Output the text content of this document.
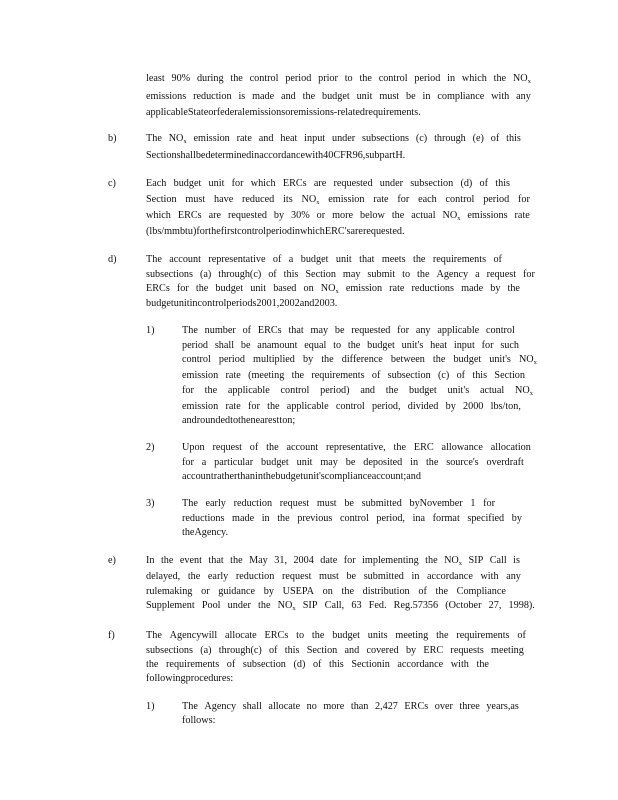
least 90% during the control period prior to the control period in which the $NO_x$
emissions reduction is made and the budget unit must be in compliance with any
applicable State or federal emissions or emissions -related requirements.
b)	The $NO_x$ emission rate and heat input under subsections (c) through (e) of this
Section shall be determined in accordance with 40 CFR 96, subpart H.
c)	Each budget unit for which ERCs are requested under subsection (d) of this
Section must have reduced its $NO_x$ emission rate for each control period for
which ERCs are requested by 30% or more below the actual $NO_x$ emissions rate
(lbs/mmbtu) for the first control period in which ERC's are requested.
d)	The account representative of a budget unit that meets the requirements of
subsections (a) through(c) of this Section may submit to the Agency a request for
ERCs for the budget unit based on $NO_x$ emission rate reductions made by the
budget unit in control periods 2001, 2002 and 2003.
1)	The number of ERCs that may be requested for any applicable control
period shall be anamount equal to the budget unit's heat input for such
control period multiplied by the difference between the budget unit's $NO_x$
emission rate (meeting the requirements of subsection (c) of this Section
for the applicable control period) and the budget unit's actual $NO_x$
emission rate for the applicable control period, divided by 2000 lbs/ton,
and rounded to the nearest ton;
2)	Upon request of the account representative, the ERC allowance allocation
for a particular budget unit may be deposited in the source's overdraft
account rather than in the budget unit's compliance account; and
3)	The early reduction request must be submitted byNovember 1 for
reductions made in the previous control period, ina format specified by
the Agency.
e)	In the event that the May 31, 2004 date for implementing the $NO_x$ SIP Call is
delayed, the early reduction request must be submitted in accordance with any
rulemaking or guidance by USEPA on the distribution of the Compliance
Supplement Pool under the $NO_x$ SIP Call, 63 Fed. Reg.57356 (October 27, 1998).
f)	The Agencywill allocate ERCs to the budget units meeting the requirements of
subsections (a) through(c) of this Section and covered by ERC requests meeting
the requirements of subsection (d) of this Sectionin accordance with the
following procedures:
1)	The Agency shall allocate no more than 2,427 ERCs over three years,as
follows:
